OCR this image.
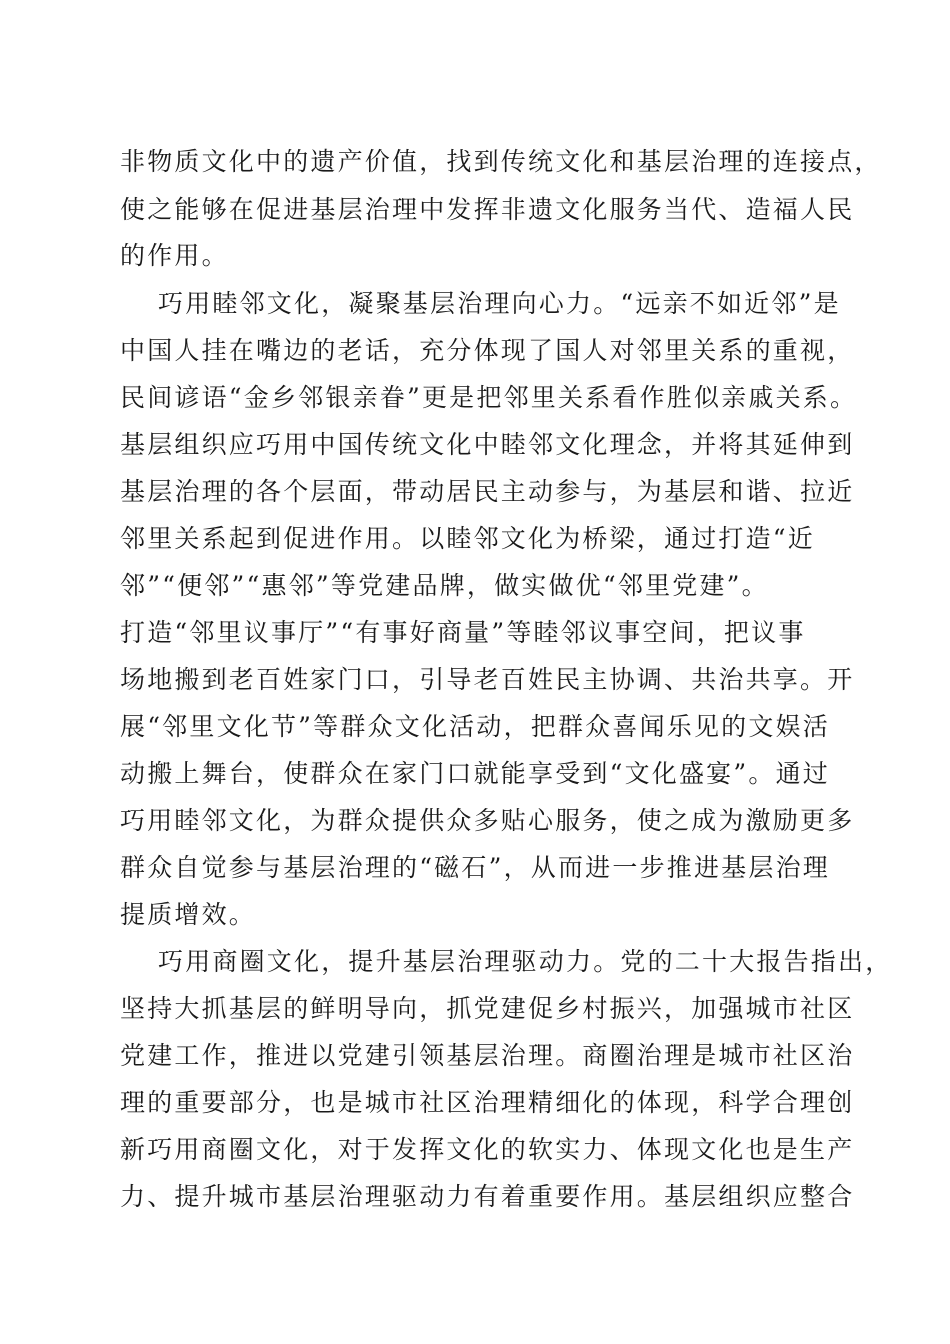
非物质文化中的遗产价值，找到传统文化和基层治理的连接点，
使之能够在促进基层治理中发挥非遗文化服务当代、造福人民
的作用。
巧用睦邻文化，凝聚基层治理向心力。“远亲不如近邻”是
中国人挂在嘴边的老话，充分体现了国人对邻里关系的重视，
民间谚语“金乡邻银亲眷”更是把邻里关系看作胜似亲戚关系。
基层组织应巧用中国传统文化中睦邻文化理念，并将其延伸到
基层治理的各个层面，带动居民主动参与，为基层和谐、拉近
邻里关系起到促进作用。以睦邻文化为桥梁，通过打造“近
邻”“便邻”“惠邻”等党建品牌，做实做优“邻里党建”。
打造“邻里议事厅”“有事好商量”等睦邻议事空间，把议事
场地搬到老百姓家门口，引导老百姓民主协调、共治共享。开
展“邻里文化节”等群众文化活动，把群众喜闻乐见的文娱活
动搬上舞台，使群众在家门口就能享受到“文化盛宴”。通过
巧用睦邻文化，为群众提供众多贴心服务，使之成为激励更多
群众自觉参与基层治理的“磁石”，从而进一步推进基层治理
提质增效。
巧用商圈文化，提升基层治理驱动力。党的二十大报告指出，
坚持大抓基层的鲜明导向，抓党建促乡村振兴，加强城市社区
党建工作，推进以党建引领基层治理。商圈治理是城市社区治
理的重要部分，也是城市社区治理精细化的体现，科学合理创
新巧用商圈文化，对于发挥文化的软实力、体现文化也是生产
力、提升城市基层治理驱动力有着重要作用。基层组织应整合
